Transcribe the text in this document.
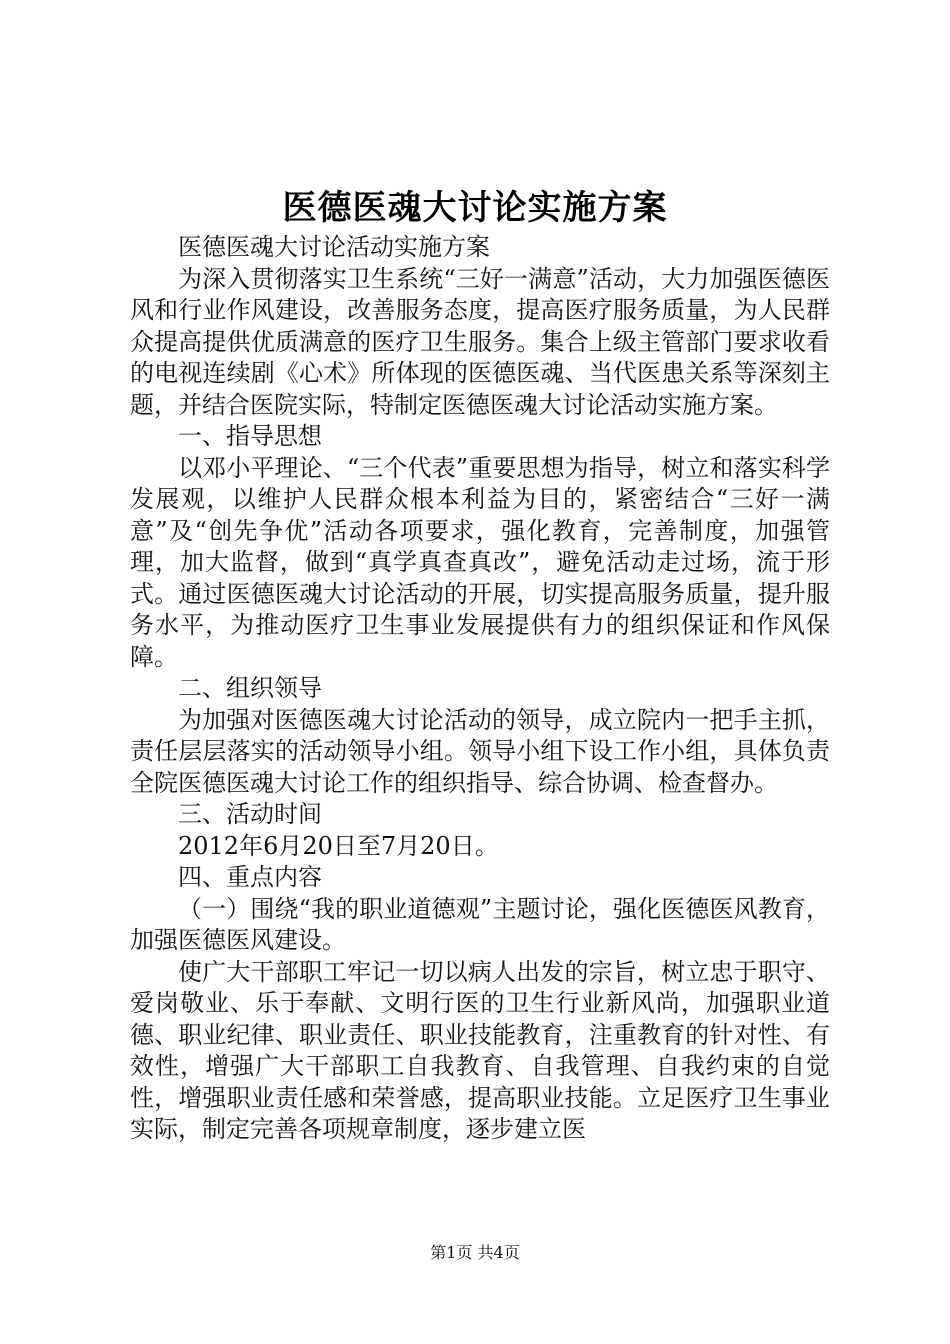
医德医魂大讨论实施方案

医德医魂大讨论活动实施方案

为深入贯彻落实卫生系统“三好一满意”活动，大力加强医德医风和行业作风建设，改善服务态度，提高医疗服务质量，为人民群众提高提供优质满意的医疗卫生服务。集合上级主管部门要求收看的电视连续剧《心术》所体现的医德医魂、当代医患关系等深刻主题，并结合医院实际，特制定医德医魂大讨论活动实施方案。

一、指导思想

以邓小平理论、“三个代表”重要思想为指导，树立和落实科学发展观，以维护人民群众根本利益为目的，紧密结合“三好一满意”及“创先争优”活动各项要求，强化教育，完善制度，加强管理，加大监督，做到“真学真查真改”，避免活动走过场，流于形式。通过医德医魂大讨论活动的开展，切实提高服务质量，提升服务水平，为推动医疗卫生事业发展提供有力的组织保证和作风保障。

二、组织领导

为加强对医德医魂大讨论活动的领导，成立院内一把手主抓，责任层层落实的活动领导小组。领导小组下设工作小组，具体负责全院医德医魂大讨论工作的组织指导、综合协调、检查督办。

三、活动时间

2012年6月20日至7月20日。

四、重点内容

（一）围绕“我的职业道德观”主题讨论，强化医德医风教育，加强医德医风建设。

使广大干部职工牢记一切以病人出发的宗旨，树立忠于职守、爱岗敬业、乐于奉献、文明行医的卫生行业新风尚，加强职业道德、职业纪律、职业责任、职业技能教育，注重教育的针对性、有效性，增强广大干部职工自我教育、自我管理、自我约束的自觉性，增强职业责任感和荣誉感，提高职业技能。立足医疗卫生事业实际，制定完善各项规章制度，逐步建立医

第1页 共4页
